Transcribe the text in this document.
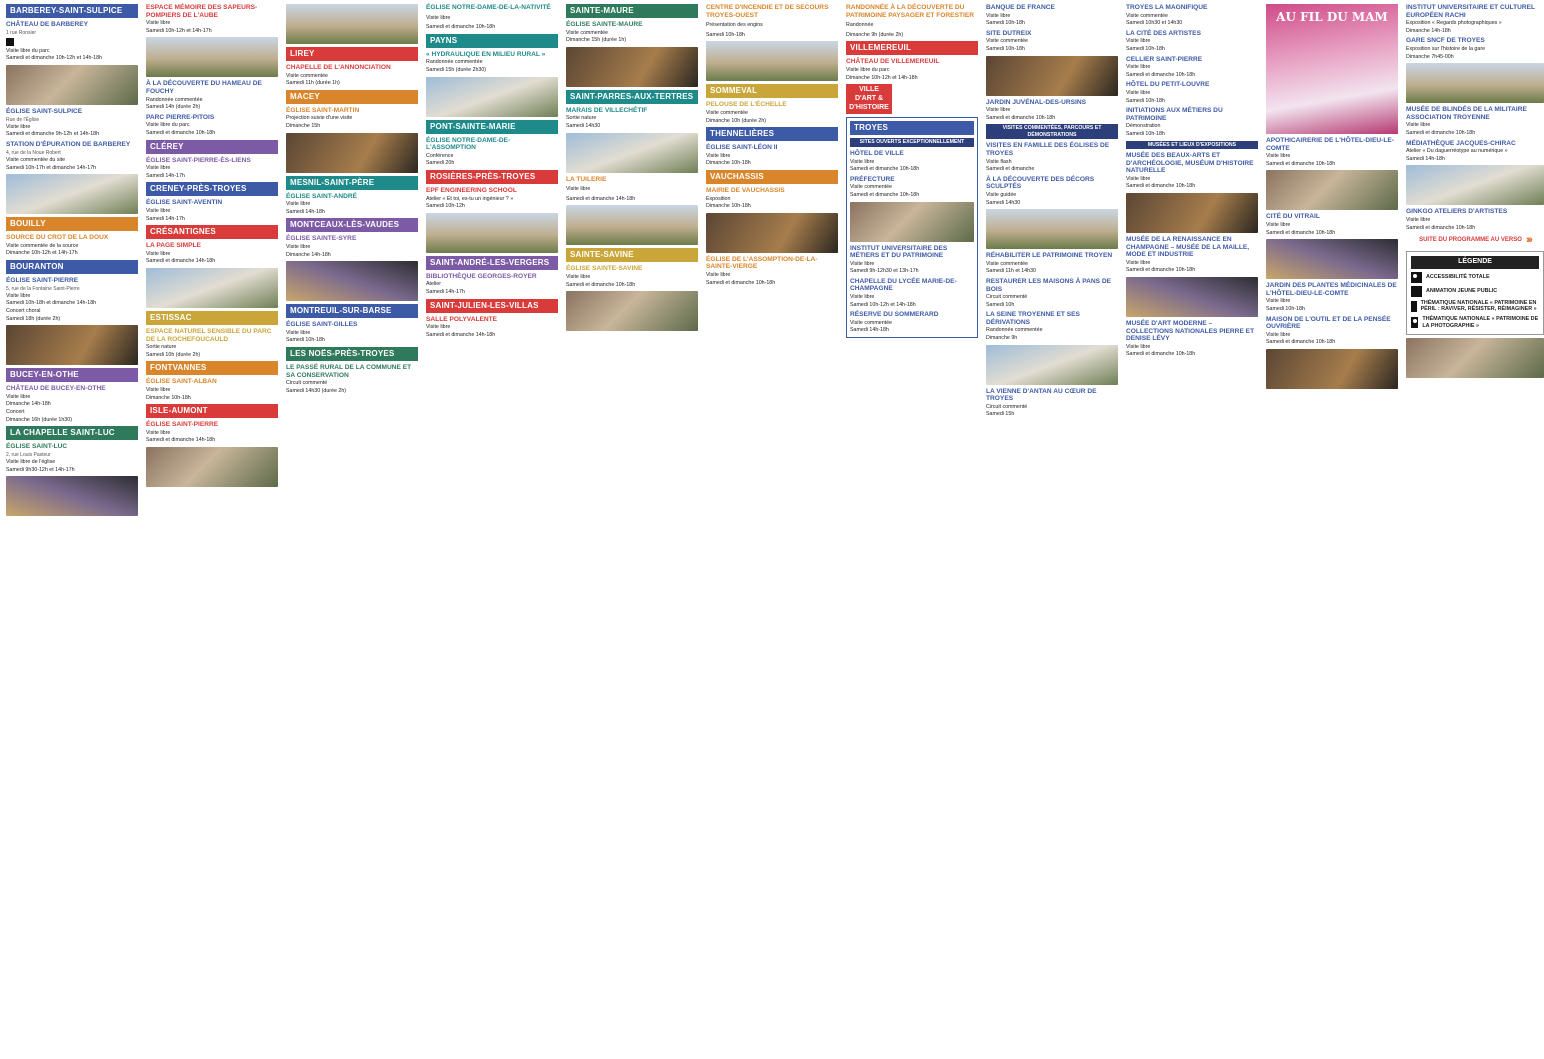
BARBEREY-SAINT-SULPICE
CHÂTEAU DE BARBEREY
1 rue Ronsier
Visite libre du parc
Samedi et dimanche 10h-12h et 14h-18h
ÉGLISE SAINT-SULPICE
Rue de l'Église
Visite libre
Samedi et dimanche 9h-12h et 14h-18h
STATION D'ÉPURATION DE BARBEREY
4, rue de la Noue Robert
Visite commentée du site
Samedi 10h-17h et dimanche 14h-17h
BOUILLY
SOURCE DU CROT DE LA DOUX
Visite commentée de la source
Dimanche 10h-12h et 14h-17h
BOURANTON
ÉGLISE SAINT-PIERRE
5, rue de la Fontaine Saint-Pierre
Visite libre
Samedi 10h-18h et dimanche 14h-18h
Concert choral
Samedi 18h (durée 2h)
BUCEY-EN-OTHE
CHÂTEAU DE BUCEY-EN-OTHE
Visite libre
Dimanche 14h-18h
Concert
Dimanche 16h (durée 1h30)
LA CHAPELLE SAINT-LUC
ÉGLISE SAINT-LUC
2, rue Louis Pasteur
Visite libre de l'église
Samedi 9h30-12h et 14h-17h
ESPACE MÉMOIRE DES SAPEURS-POMPIERS DE L'AUBE
Visite libre
Samedi 10h-12h et 14h-17h
À LA DÉCOUVERTE DU HAMEAU DE FOUCHY
Randonnée commentée
Samedi 14h (durée 2h)
PARC PIERRE-PITOIS
Visite libre du parc
Samedi et dimanche 10h-18h
CLÉREY
ÉGLISE SAINT-PIERRE-ÈS-LIENS
Visite libre
Samedi 14h-17h
CRENEY-PRÈS-TROYES
ÉGLISE SAINT-AVENTIN
Visite libre
Samedi 14h-17h
CRÉSANTIGNES
LA PAGE SIMPLE
Visite libre
Samedi et dimanche 14h-18h
ESTISSAC
ESPACE NATUREL SENSIBLE DU PARC DE LA ROCHEFOUCAULD
Sortie nature
Samedi 10h (durée 2h)
FONTVANNES
ÉGLISE SAINT-ALBAN
Visite libre
Dimanche 10h-18h
ISLE-AUMONT
ÉGLISE SAINT-PIERRE
Visite libre
Samedi et dimanche 14h-18h
LIREY
CHAPELLE DE L'ANNONCIATION
Visite commentée
Samedi 11h (durée 1h)
MACEY
ÉGLISE SAINT-MARTIN
Projection suivie d'une visite
Dimanche 15h
MESNIL-SAINT-PÈRE
ÉGLISE SAINT-ANDRÉ
Visite libre
Samedi 14h-18h
MONTCEAUX-LÈS-VAUDES
ÉGLISE SAINTE-SYRE
Visite libre
Dimanche 14h-18h
MONTREUIL-SUR-BARSE
ÉGLISE SAINT-GILLES
Visite libre
Samedi 10h-18h
LES NOËS-PRÈS-TROYES
LE PASSÉ RURAL DE LA COMMUNE ET SA CONSERVATION
Circuit commenté
Samedi 14h30 (durée 2h)
ÉGLISE NOTRE-DAME-DE-LA-NATIVITÉ
Visite libre
Samedi et dimanche 10h-18h
PAYNS
« HYDRAULIQUE EN MILIEU RURAL »
Randonnée commentée
Samedi 15h (durée 2h30)
PONT-SAINTE-MARIE
ÉGLISE NOTRE-DAME-DE-L'ASSOMPTION
Conférence
Samedi 20h
ROSIÈRES-PRÈS-TROYES
EPF ENGINEERING SCHOOL
Atelier « Et toi, es-tu un ingénieur ? »
Samedi 10h-12h
SAINT-ANDRÉ-LES-VERGERS
BIBLIOTHÈQUE GEORGES-ROYER
Atelier
Samedi 14h-17h
SAINT-JULIEN-LES-VILLAS
SALLE POLYVALENTE
Visite libre
Samedi et dimanche 14h-18h
SAINTE-MAURE
ÉGLISE SAINTE-MAURE
Visite commentée
Dimanche 15h (durée 1h)
SAINT-PARRES-AUX-TERTRES
MARAIS DE VILLECHÉTIF
Sortie nature
Samedi 14h30
LA TUILERIE
Visite libre
Samedi et dimanche 14h-18h
SAINTE-SAVINE
ÉGLISE SAINTE-SAVINE
Visite libre
Samedi et dimanche 10h-18h
CENTRE D'INCENDIE ET DE SECOURS TROYES-OUEST
Présentation des engins
Samedi 10h-18h
SOMMEVAL
PELOUSE DE L'ÉCHELLE
Visite commentée
Dimanche 10h (durée 2h)
THENNELIÈRES
ÉGLISE SAINT-LÉON II
Visite libre
Dimanche 10h-18h
VAUCHASSIS
MAIRIE DE VAUCHASSIS
Exposition
Dimanche 10h-18h
ÉGLISE DE L'ASSOMPTION-DE-LA-SAINTE-VIERGE
Visite libre
Samedi et dimanche 10h-18h
RANDONNÉE À LA DÉCOUVERTE DU PATRIMOINE PAYSAGER ET FORESTIER
Randonnée
Dimanche 9h (durée 2h)
VILLEMEREUIL
CHÂTEAU DE VILLEMEREUIL
Visite libre du parc
Dimanche 10h-12h et 14h-18h
VILLE D'ART & D'HISTOIRE
TROYES
SITES OUVERTS EXCEPTIONNELLEMENT
HÔTEL DE VILLE
Visite libre
Samedi et dimanche 10h-18h
PRÉFECTURE
Visite commentée
Samedi et dimanche 10h-18h
INSTITUT UNIVERSITAIRE DES MÉTIERS ET DU PATRIMOINE
Visite libre
Samedi 9h-12h30 et 13h-17h
CHAPELLE DU LYCÉE MARIE-DE-CHAMPAGNE
Visite libre
Samedi 10h-12h et 14h-18h
RÉSERVE DU SOMMERARD
Visite commentée
Samedi 14h-18h
BANQUE DE FRANCE
Visite libre
Samedi 10h-18h
SITE DUTREIX
Visite commentée
Samedi 10h-18h
JARDIN JUVÉNAL-DES-URSINS
Visite libre
Samedi et dimanche 10h-18h
VISITES COMMENTÉES, PARCOURS ET DÉMONSTRATIONS
VISITES EN FAMILLE DES ÉGLISES DE TROYES
Visite flash
Samedi et dimanche
À LA DÉCOUVERTE DES DÉCORS SCULPTÉS
Visite guidée
Samedi 14h30
RÉHABILITER LE PATRIMOINE TROYEN
Visite commentée
Samedi 11h et 14h30
RESTAURER LES MAISONS À PANS DE BOIS
Circuit commenté
Samedi 10h
LA SEINE TROYENNE ET SES DÉRIVATIONS
Randonnée commentée
Dimanche 9h
LA VIENNE D'ANTAN AU CŒUR DE TROYES
Circuit commenté
Samedi 15h
TROYES LA MAGNIFIQUE
Visite commentée
Samedi 10h30 et 14h30
LA CITÉ DES ARTISTES
Visite libre
Samedi 10h-18h
CELLIER SAINT-PIERRE
Visite libre
Samedi et dimanche 10h-18h
HÔTEL DU PETIT-LOUVRE
Visite libre
Samedi 10h-18h
INITIATIONS AUX MÉTIERS DU PATRIMOINE
Démonstration
Samedi 10h-18h
MUSÉES ET LIEUX D'EXPOSITIONS
MUSÉE DES BEAUX-ARTS ET D'ARCHÉOLOGIE, MUSÉUM D'HISTOIRE NATURELLE
Visite libre
Samedi et dimanche 10h-18h
MUSÉE DE LA RENAISSANCE EN CHAMPAGNE – MUSÉE DE LA MAILLE, MODE ET INDUSTRIE
Visite libre
Samedi et dimanche 10h-18h
MUSÉE D'ART MODERNE – COLLECTIONS NATIONALES PIERRE ET DENISE LÉVY
Visite libre
Samedi et dimanche 10h-18h
AU FIL DU MAM
APOTHICAIRERIE DE L'HÔTEL-DIEU-LE-COMTE
Visite libre
Samedi et dimanche 10h-18h
CITÉ DU VITRAIL
Visite libre
Samedi et dimanche 10h-18h
JARDIN DES PLANTES MÉDICINALES DE L'HÔTEL-DIEU-LE-COMTE
Visite libre
Samedi 10h-18h
MAISON DE L'OUTIL ET DE LA PENSÉE OUVRIÈRE
Visite libre
Samedi et dimanche 10h-18h
INSTITUT UNIVERSITAIRE ET CULTUREL EUROPÉEN RACHI
Exposition « Regards photographiques »
Dimanche 14h-18h
GARE SNCF DE TROYES
Exposition sur l'histoire de la gare
Dimanche 7h45-00h
MUSÉE DE BLINDÉS DE LA MILITAIRE ASSOCIATION TROYENNE
Visite libre
Samedi et dimanche 10h-18h
MÉDIATHÈQUE JACQUES-CHIRAC
Atelier « Du daguerréotype au numérique »
Samedi 14h-18h
GINKGO ATELIERS D'ARTISTES
Visite libre
Samedi et dimanche 10h-18h
SUITE DU PROGRAMME AU VERSO ›››
LÉGENDE
ACCESSIBILITÉ TOTALE
ANIMATION JEUNE PUBLIC
THÉMATIQUE NATIONALE « PATRIMOINE EN PÉRIL : RAVIVER, RÉSISTER, RÉIMAGINER »
THÉMATIQUE NATIONALE « PATRIMOINE DE LA PHOTOGRAPHIE »
